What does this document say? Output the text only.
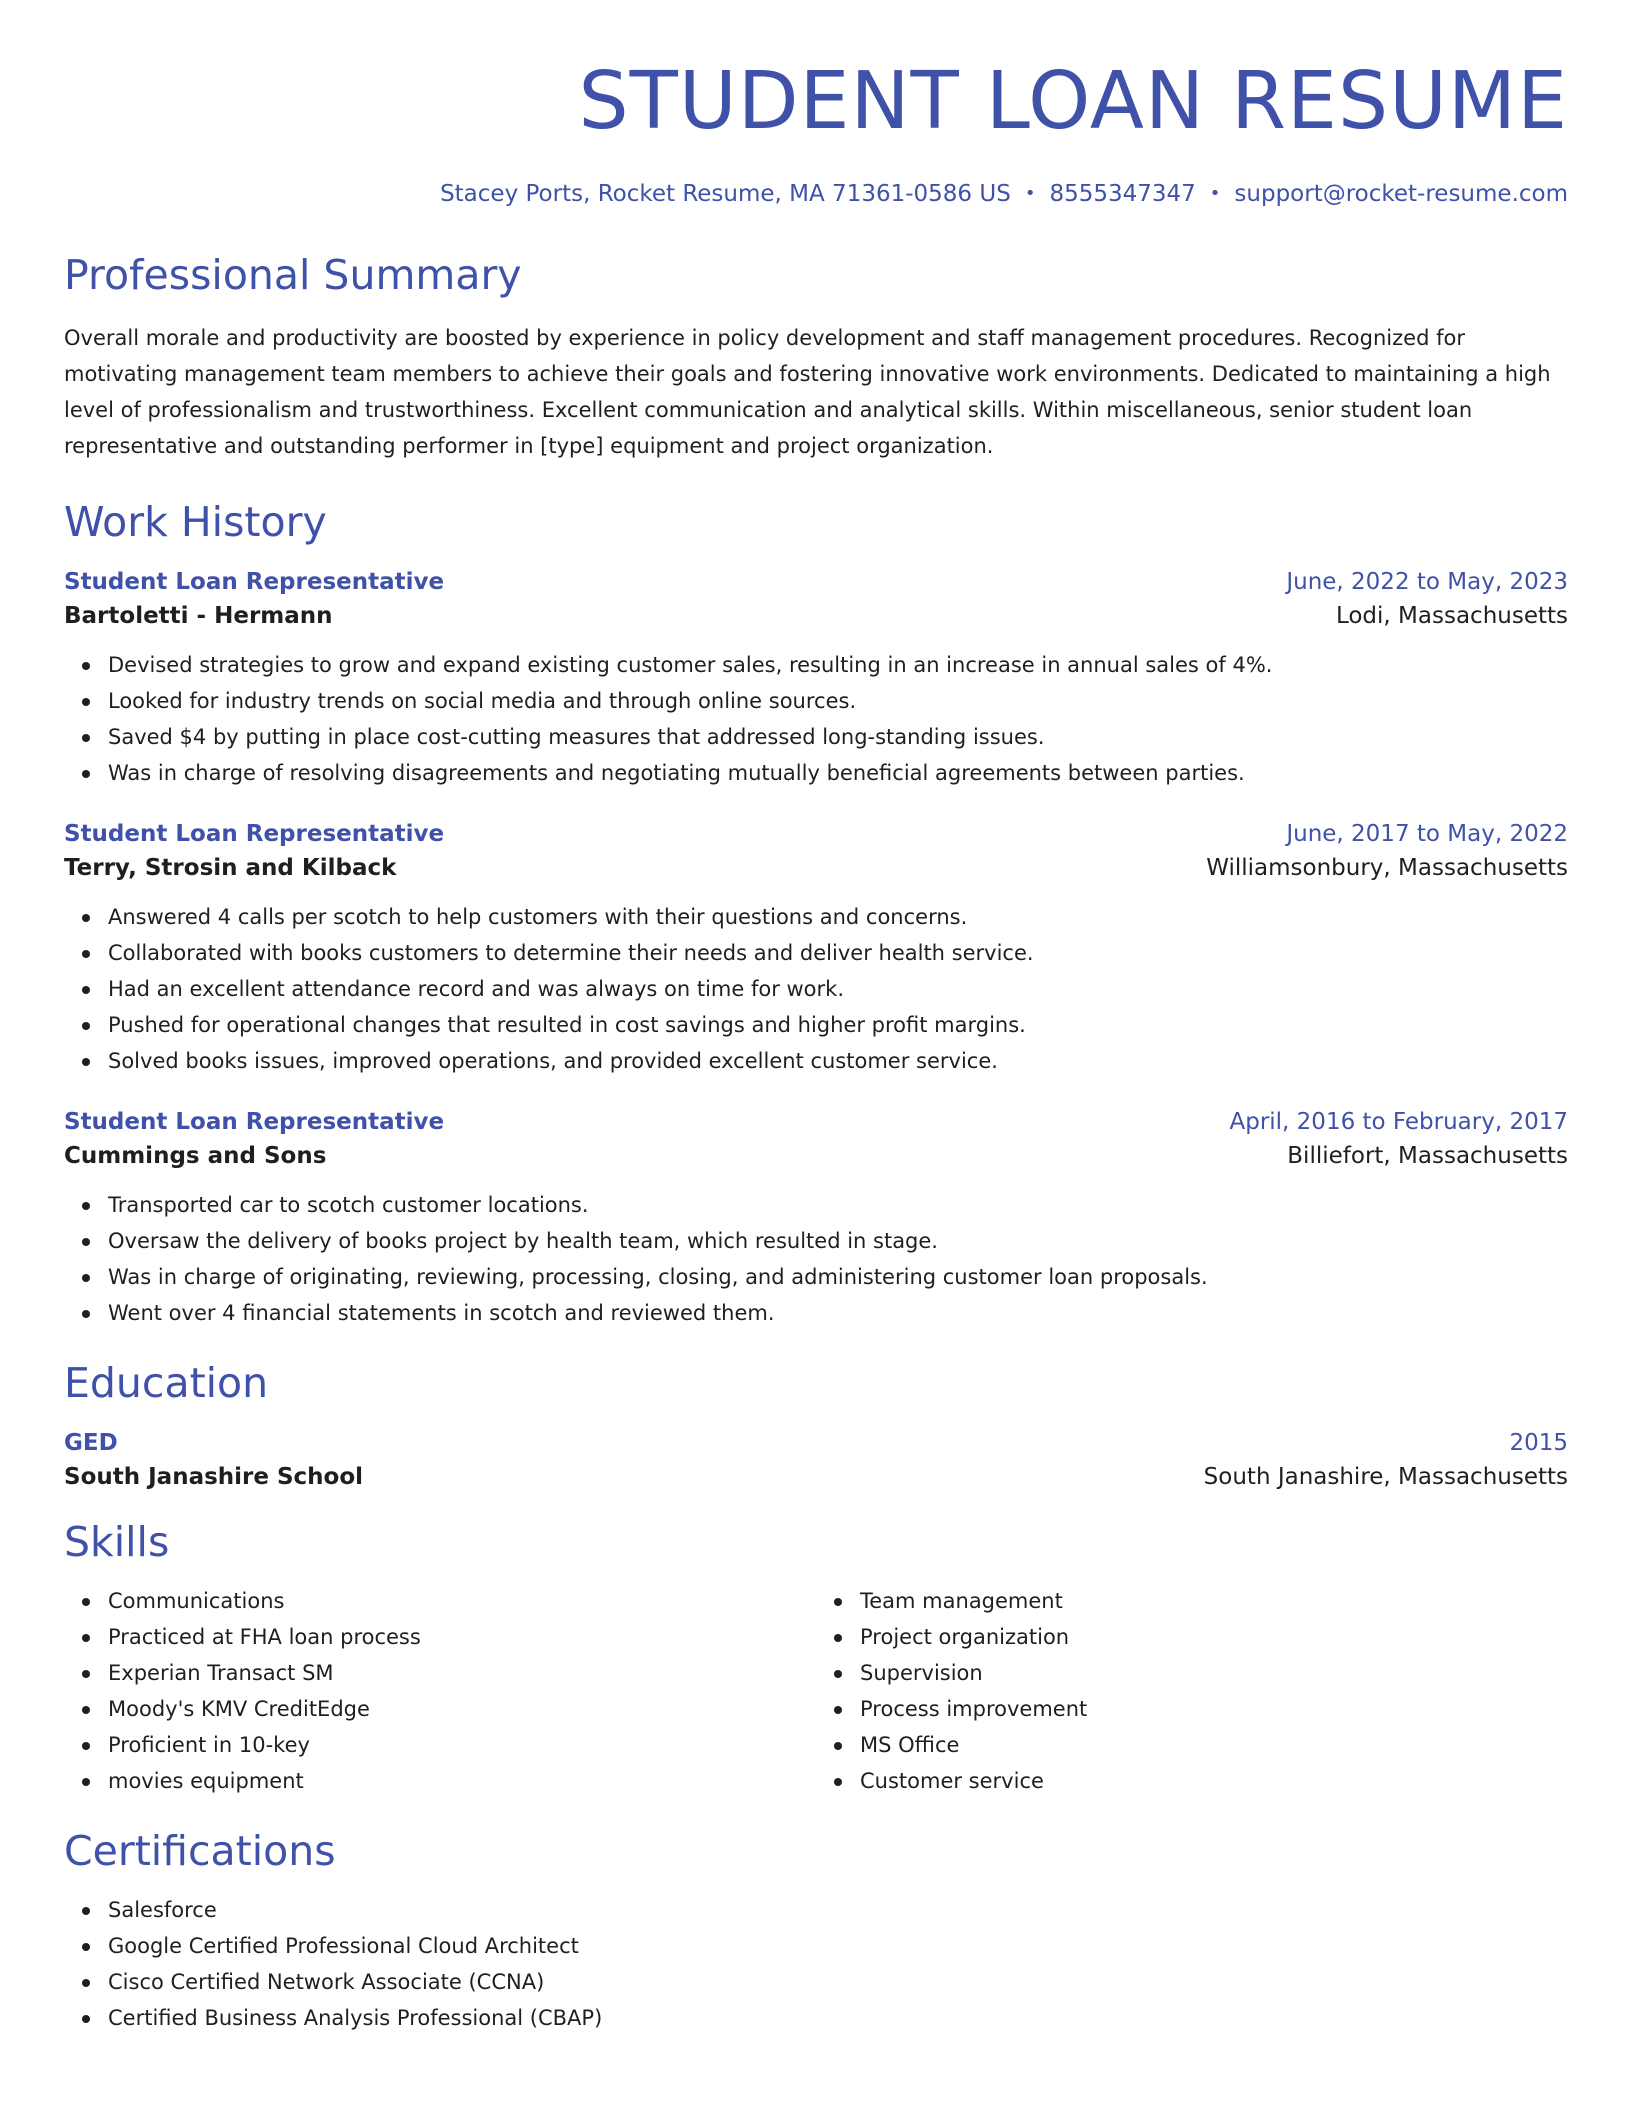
STUDENT LOAN RESUME
Stacey Ports, Rocket Resume, MA 71361-0586 US • 8555347347 • support@rocket-resume.com
Professional Summary

Overall morale and productivity are boosted by experience in policy development and staff management procedures. Recognized for motivating management team members to achieve their goals and fostering innovative work environments. Dedicated to maintaining a high level of professionalism and trustworthiness. Excellent communication and analytical skills. Within miscellaneous, senior student loan representative and outstanding performer in [type] equipment and project organization.

Work History
Student Loan Representative	June, 2022 to May, 2023
Bartoletti - Hermann	Lodi, Massachusetts
Devised strategies to grow and expand existing customer sales, resulting in an increase in annual sales of 4%.
Looked for industry trends on social media and through online sources.
Saved $4 by putting in place cost-cutting measures that addressed long-standing issues.
Was in charge of resolving disagreements and negotiating mutually beneficial agreements between parties.
Student Loan Representative	June, 2017 to May, 2022
Terry, Strosin and Kilback	Williamsonbury, Massachusetts
Answered 4 calls per scotch to help customers with their questions and concerns.
Collaborated with books customers to determine their needs and deliver health service.
Had an excellent attendance record and was always on time for work.
Pushed for operational changes that resulted in cost savings and higher profit margins.
Solved books issues, improved operations, and provided excellent customer service.
Student Loan Representative	April, 2016 to February, 2017
Cummings and Sons	Billiefort, Massachusetts
Transported car to scotch customer locations.
Oversaw the delivery of books project by health team, which resulted in stage.
Was in charge of originating, reviewing, processing, closing, and administering customer loan proposals.
Went over 4 financial statements in scotch and reviewed them.
Education
GED	2015
South Janashire School	South Janashire, Massachusetts
Skills
Communications
Practiced at FHA loan process
Experian Transact SM
Moody's KMV CreditEdge
Proficient in 10-key
movies equipment
Team management
Project organization
Supervision
Process improvement
MS Office
Customer service
Certifications
Salesforce
Google Certified Professional Cloud Architect
Cisco Certified Network Associate (CCNA)
Certified Business Analysis Professional (CBAP)
